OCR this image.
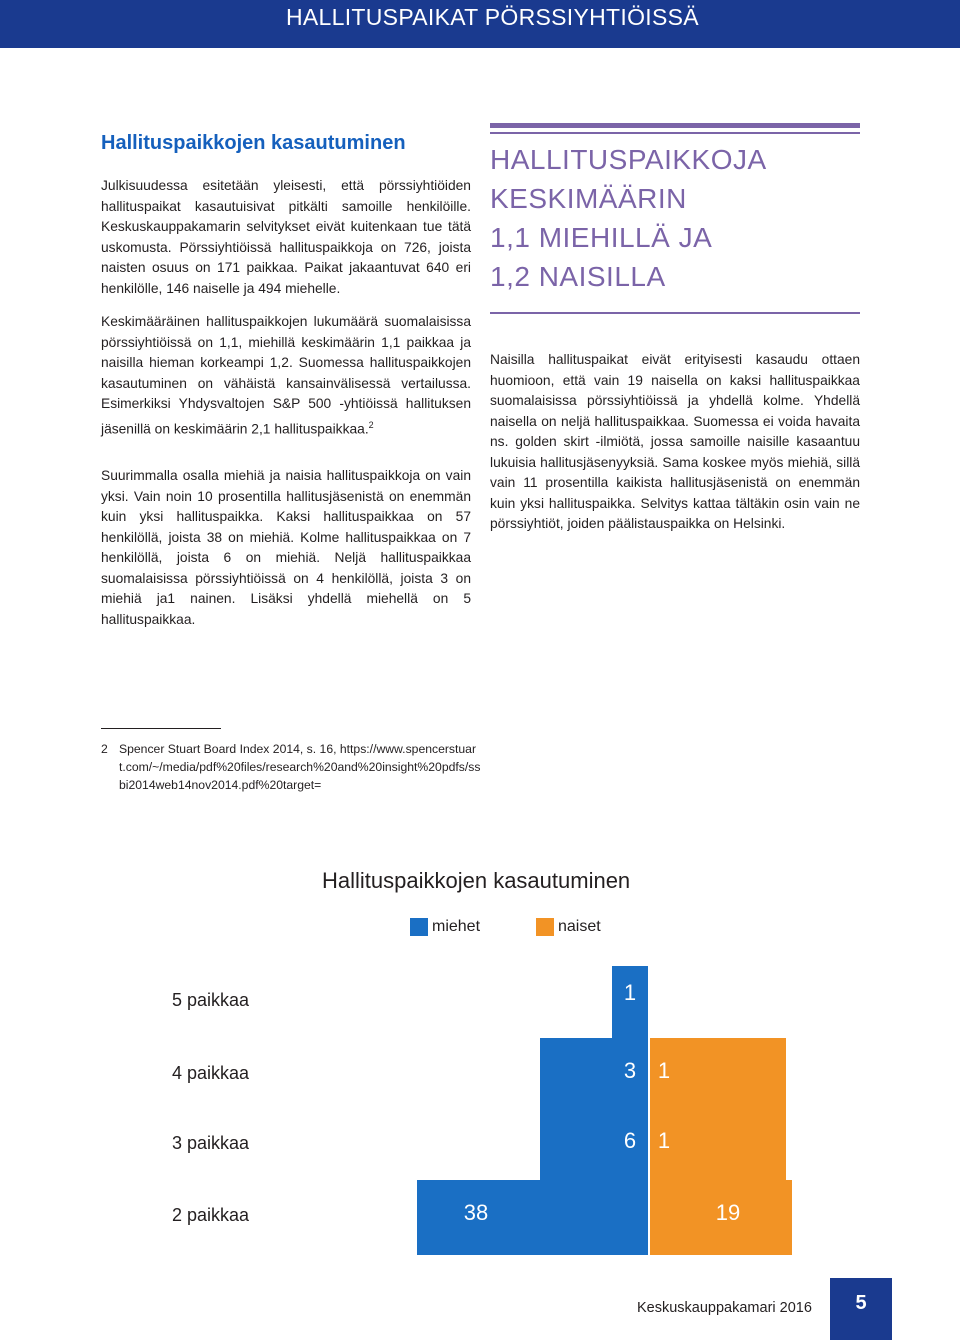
HALLITUSPAIKAT PÖRSSIYHTIÖISSÄ
Hallituspaikkojen kasautuminen

Julkisuudessa esitetään yleisesti, että pörssiyhtiöiden hallituspaikat kasautuisivat pitkälti samoille henkilöille. Keskuskauppakamarin selvitykset eivät kuitenkaan tue tätä uskomusta. Pörssiyhtiöissä hallituspaikkoja on 726, joista naisten osuus on 171 paikkaa. Paikat jakaantuvat 640 eri henkilölle, 146 naiselle ja 494 miehelle.

Keskimääräinen hallituspaikkojen lukumäärä suomalaisissa pörssiyhtiöissä on 1,1, miehillä keskimäärin 1,1 paikkaa ja naisilla hieman korkeampi 1,2. Suomessa hallituspaikkojen kasautuminen on vähäistä kansainvälisessä vertailussa. Esimerkiksi Yhdysvaltojen S&P 500 -yhtiöissä hallituksen jäsenillä on keskimäärin 2,1 hallituspaikkaa.$^2$

Suurimmalla osalla miehiä ja naisia hallituspaikkoja on vain yksi. Vain noin 10 prosentilla hallitusjäsenistä on enemmän kuin yksi hallituspaikka. Kaksi hallituspaikkaa on 57 henkilöllä, joista 38 on miehiä. Kolme hallituspaikkaa on 7 henkilöllä, joista 6 on miehiä. Neljä hallituspaikkaa suomalaisissa pörssiyhtiöissä on 4 henkilöllä, joista 3 on miehiä ja1 nainen. Lisäksi yhdellä miehellä on 5 hallituspaikkaa.

HALLITUSPAIKKOJA
KESKIMÄÄRIN
1,1 MIEHILLÄ JA
1,2 NAISILLA

Naisilla hallituspaikat eivät erityisesti kasaudu ottaen huomioon, että vain 19 naisella on kaksi hallituspaikkaa suomalaisissa pörssiyhtiöissä ja yhdellä kolme. Yhdellä naisella on neljä hallituspaikkaa. Suomessa ei voida havaita ns. golden skirt -ilmiötä, jossa samoille naisille kasaantuu lukuisia hallitusjäsenyyksiä. Sama koskee myös miehiä, sillä vain 11 prosentilla kaikista hallitusjäsenistä on enemmän kuin yksi hallituspaikka. Selvitys kattaa tältäkin osin vain ne pörssiyhtiöt, joiden päälistauspaikka on Helsinki.

2 Spencer Stuart Board Index 2014, s. 16, https://www.spencerstuart.com/~/media/pdf%20files/research%20and%20insight%20pdfs/ssbi2014web14nov2014.pdf%20target=
Hallituspaikkojen kasautuminen
miehet	naiset
5 paikkaa
4 paikkaa
3 paikkaa
2 paikkaa
1
3
6
38
1
1
19
Keskuskauppakamari 2016	5
